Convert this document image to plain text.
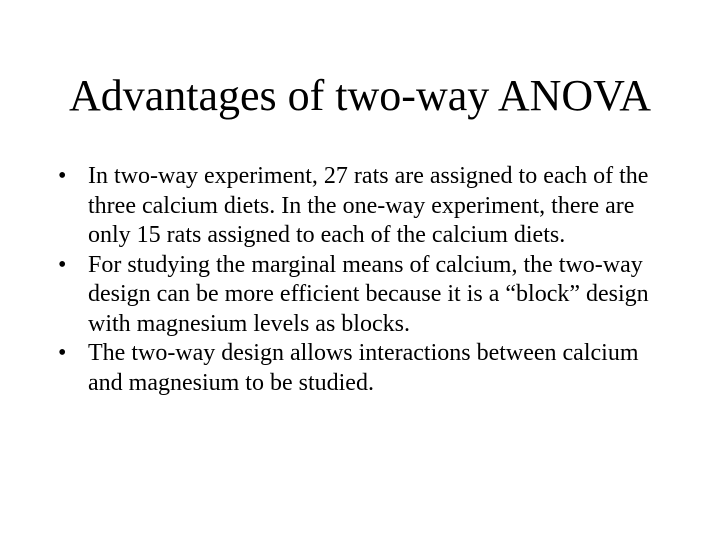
Advantages of two-way ANOVA
• In two-way experiment, 27 rats are assigned to each of the three calcium diets. In the one-way experiment, there are only 15 rats assigned to each of the calcium diets.
• For studying the marginal means of calcium, the two-way design can be more efficient because it is a “block” design with magnesium levels as blocks.
• The two-way design allows interactions between calcium and magnesium to be studied.
